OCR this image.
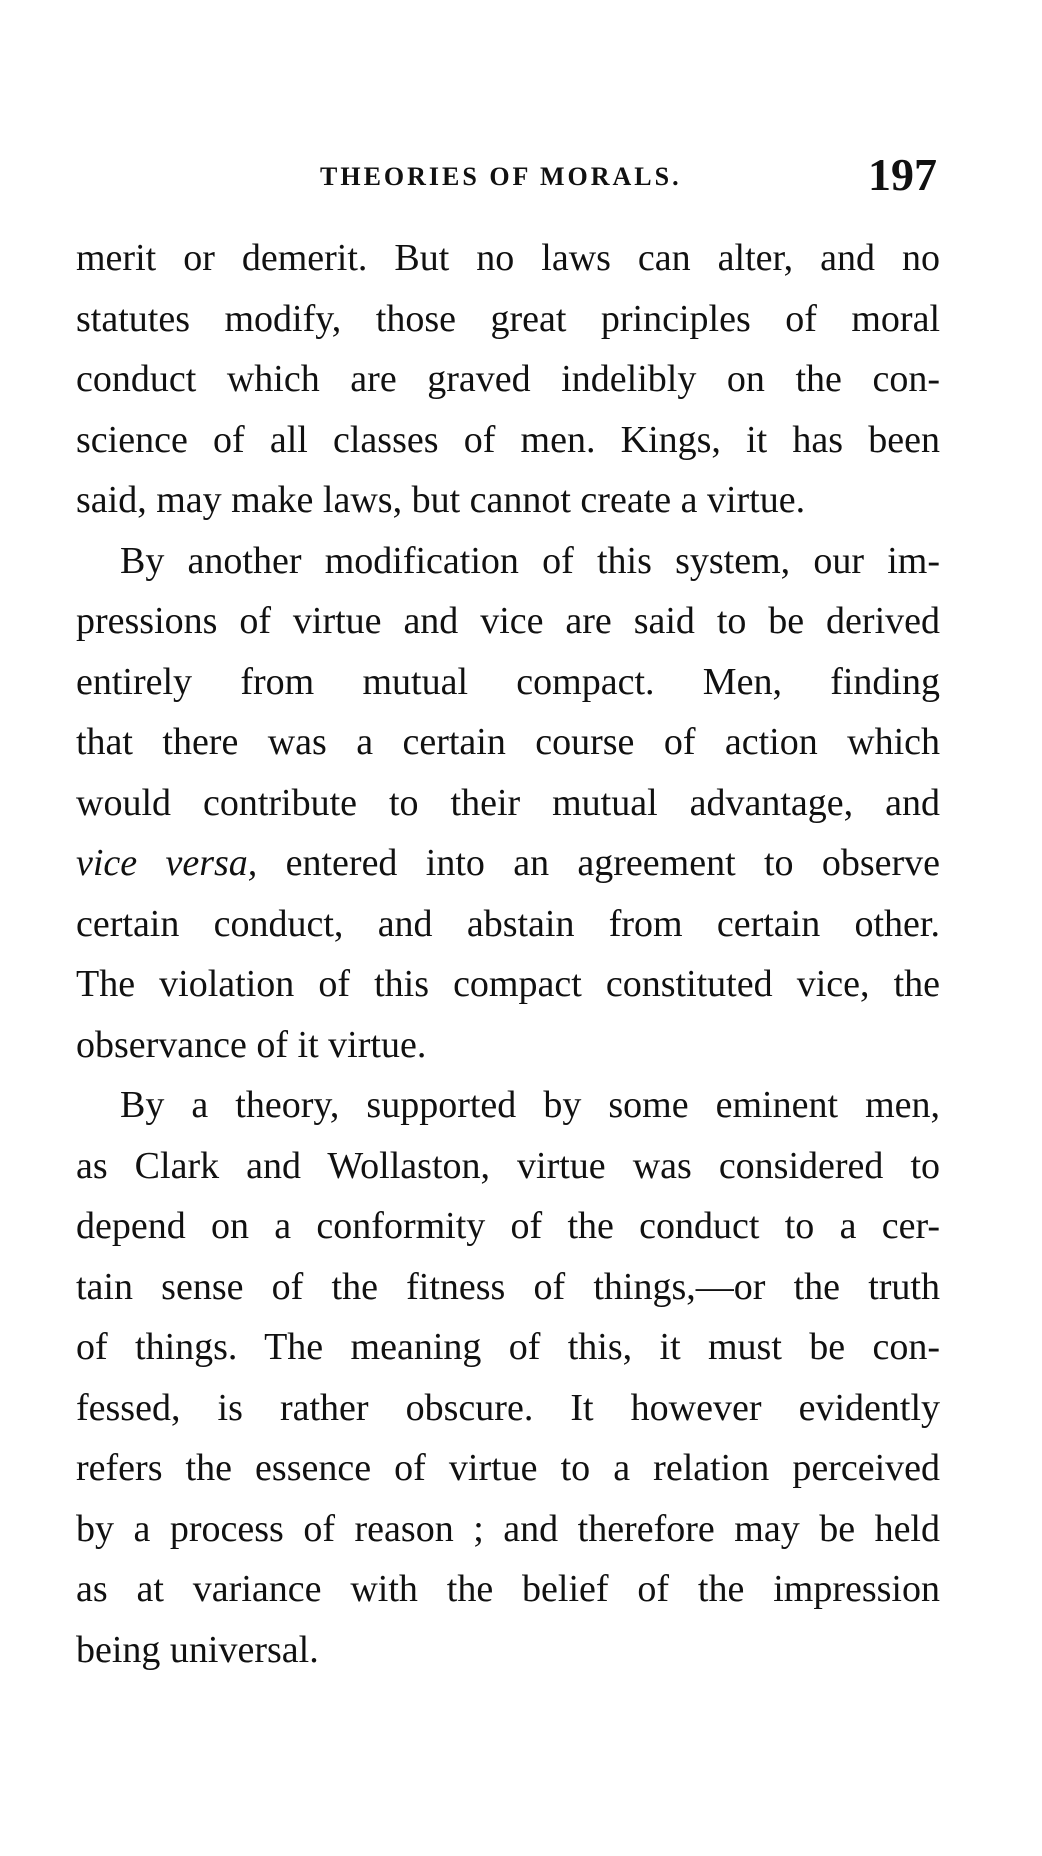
THEORIES OF MORALS.	197
merit or demerit. But no laws can alter, and no
statutes modify, those great principles of moral
conduct which are graved indelibly on the con-
science of all classes of men. Kings, it has been
said, may make laws, but cannot create a virtue.
By another modification of this system, our im-
pressions of virtue and vice are said to be derived
entirely from mutual compact. Men, finding
that there was a certain course of action which
would contribute to their mutual advantage, and
vice versa, entered into an agreement to observe
certain conduct, and abstain from certain other.
The violation of this compact constituted vice, the
observance of it virtue.
By a theory, supported by some eminent men,
as Clark and Wollaston, virtue was considered to
depend on a conformity of the conduct to a cer-
tain sense of the fitness of things,—or the truth
of things. The meaning of this, it must be con-
fessed, is rather obscure. It however evidently
refers the essence of virtue to a relation perceived
by a process of reason ; and therefore may be held
as at variance with the belief of the impression
being universal.
